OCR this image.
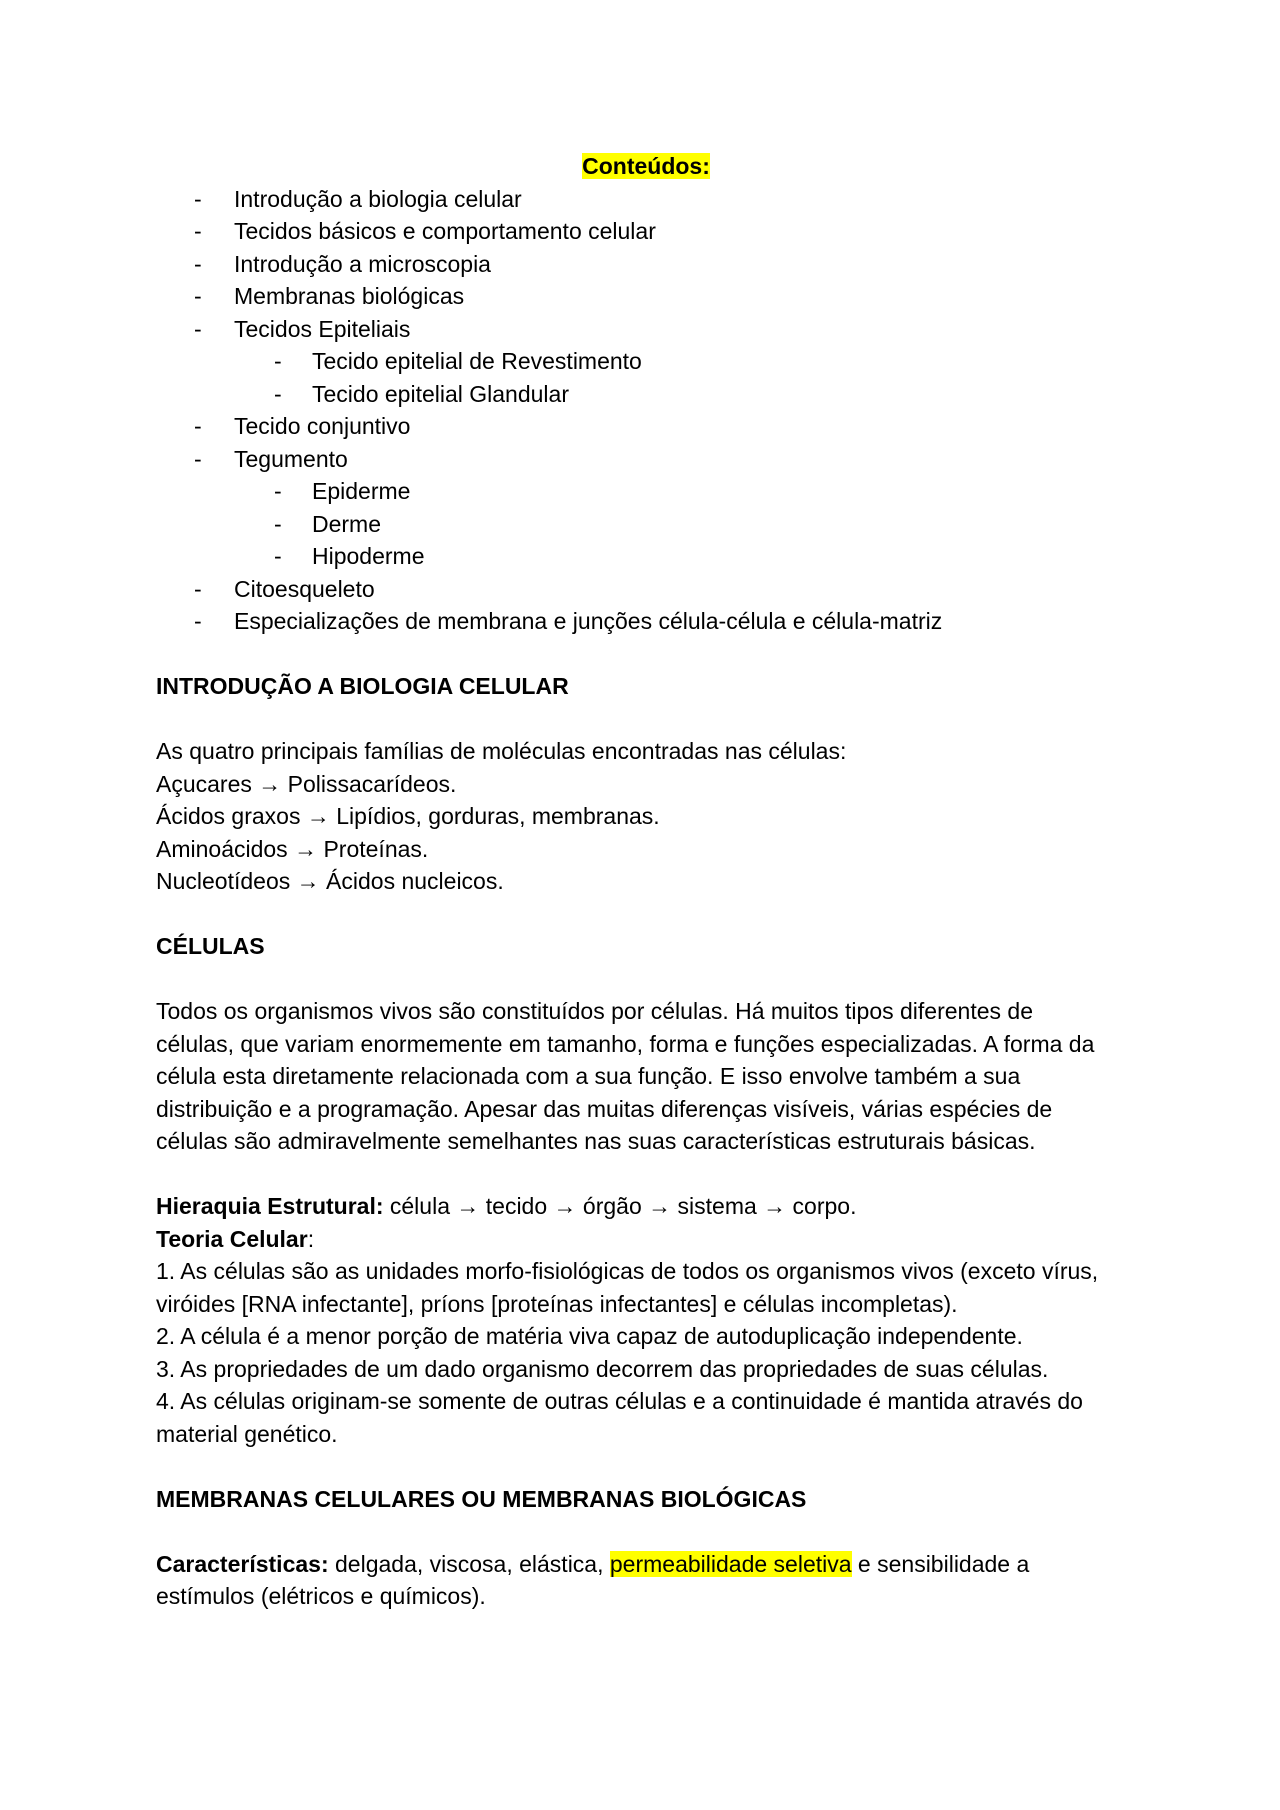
Conteúdos:
- Introdução a biologia celular
- Tecidos básicos e comportamento celular
- Introdução a microscopia
- Membranas biológicas
- Tecidos Epiteliais
- Tecido epitelial de Revestimento
- Tecido epitelial Glandular
- Tecido conjuntivo
- Tegumento
- Epiderme
- Derme
- Hipoderme
- Citoesqueleto
- Especializações de membrana e junções célula-célula e célula-matriz
INTRODUÇÃO A BIOLOGIA CELULAR
As quatro principais famílias de moléculas encontradas nas células:
Açucares → Polissacarídeos.
Ácidos graxos → Lipídios, gorduras, membranas.
Aminoácidos → Proteínas.
Nucleotídeos → Ácidos nucleicos.
CÉLULAS
Todos os organismos vivos são constituídos por células. Há muitos tipos diferentes de
células, que variam enormemente em tamanho, forma e funções especializadas. A forma da
célula esta diretamente relacionada com a sua função. E isso envolve também a sua
distribuição e a programação. Apesar das muitas diferenças visíveis, várias espécies de
células são admiravelmente semelhantes nas suas características estruturais básicas.
Hieraquia Estrutural: célula → tecido → órgão → sistema → corpo.
Teoria Celular:
1. As células são as unidades morfo-fisiológicas de todos os organismos vivos (exceto vírus,
viróides [RNA infectante], príons [proteínas infectantes] e células incompletas).
2. A célula é a menor porção de matéria viva capaz de autoduplicação independente.
3. As propriedades de um dado organismo decorrem das propriedades de suas células.
4. As células originam-se somente de outras células e a continuidade é mantida através do
material genético.
MEMBRANAS CELULARES OU MEMBRANAS BIOLÓGICAS
Características: delgada, viscosa, elástica, permeabilidade seletiva e sensibilidade a
estímulos (elétricos e químicos).
